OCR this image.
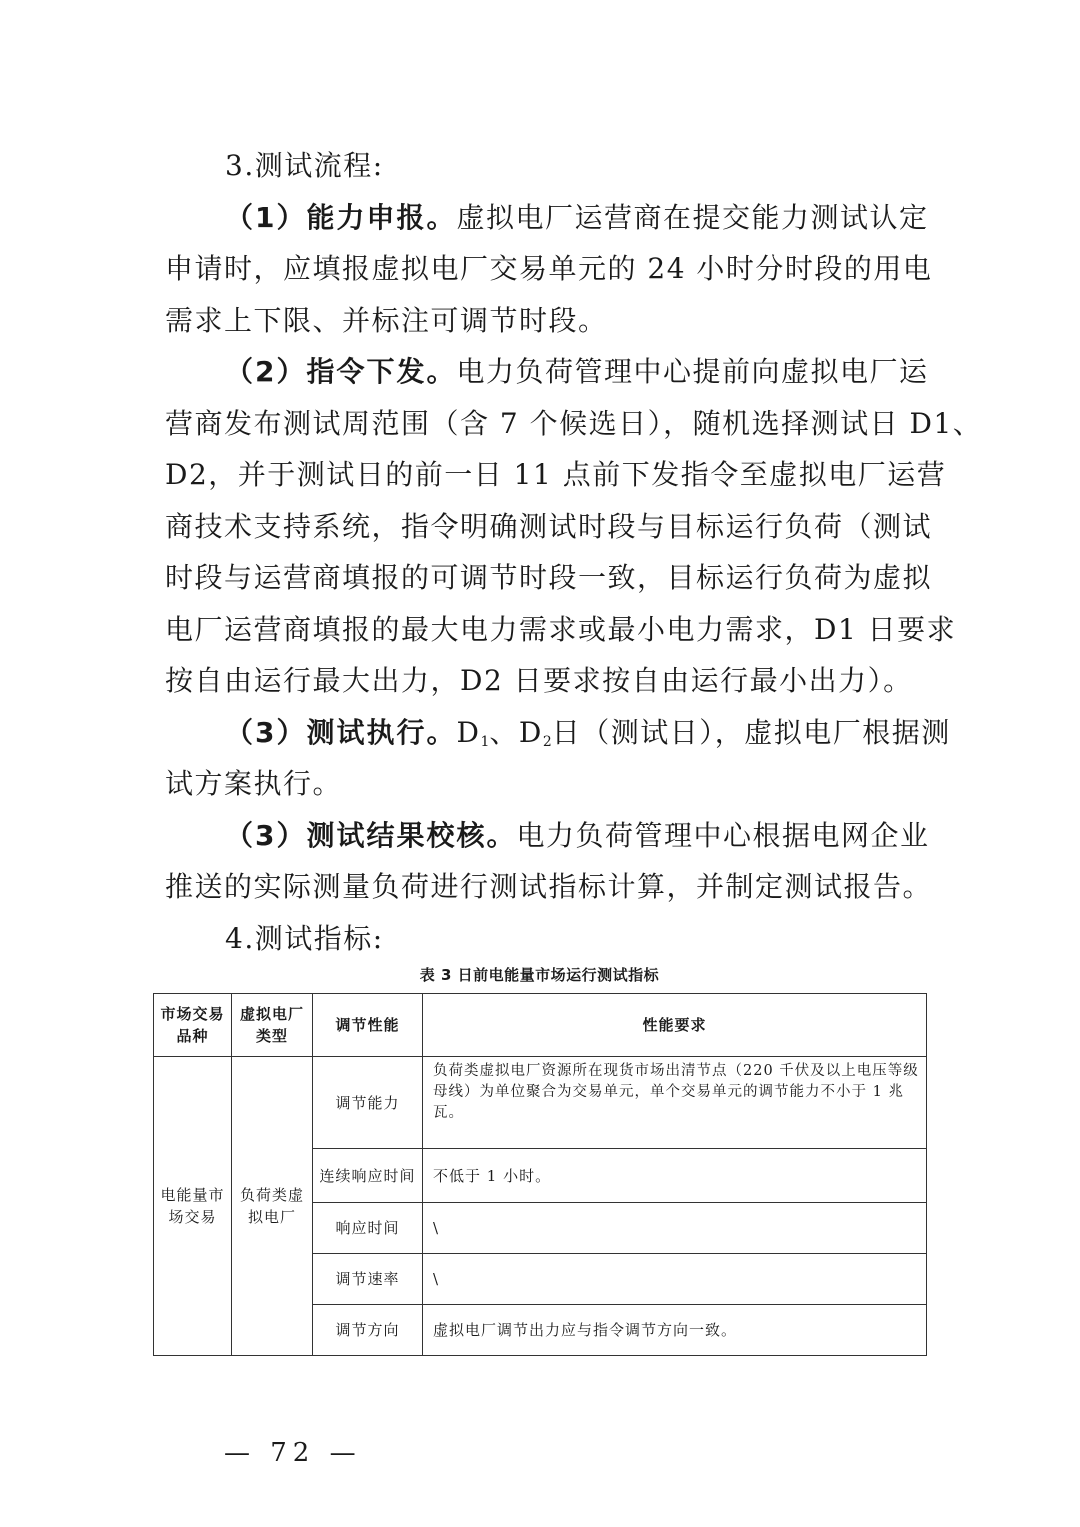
3.测试流程:
（1）能力申报。虚拟电厂运营商在提交能力测试认定
申请时，应填报虚拟电厂交易单元的 24 小时分时段的用电
需求上下限、并标注可调节时段。
（2）指令下发。电力负荷管理中心提前向虚拟电厂运
营商发布测试周范围（含 7 个候选日），随机选择测试日 D1、
D2，并于测试日的前一日 11 点前下发指令至虚拟电厂运营
商技术支持系统，指令明确测试时段与目标运行负荷（测试
时段与运营商填报的可调节时段一致，目标运行负荷为虚拟
电厂运营商填报的最大电力需求或最小电力需求，D1 日要求
按自由运行最大出力，D2 日要求按自由运行最小出力）。
（3）测试执行。$D_1$、$D_2$日（测试日），虚拟电厂根据测
试方案执行。
（3）测试结果校核。电力负荷管理中心根据电网企业
推送的实际测量负荷进行测试指标计算，并制定测试报告。
4.测试指标:
表 3 日前电能量市场运行测试指标
市场交易品种	虚拟电厂类型	调节性能	性能要求
电能量市场交易	负荷类虚拟电厂	调节能力	负荷类虚拟电厂资源所在现货市场出清节点（220 千伏及以上电压等级母线）为单位聚合为交易单元，单个交易单元的调节能力不小于 1 兆瓦。
		连续响应时间	不低于 1 小时。
		响应时间	\
		调节速率	\
		调节方向	虚拟电厂调节出力应与指令调节方向一致。
— 72 —
